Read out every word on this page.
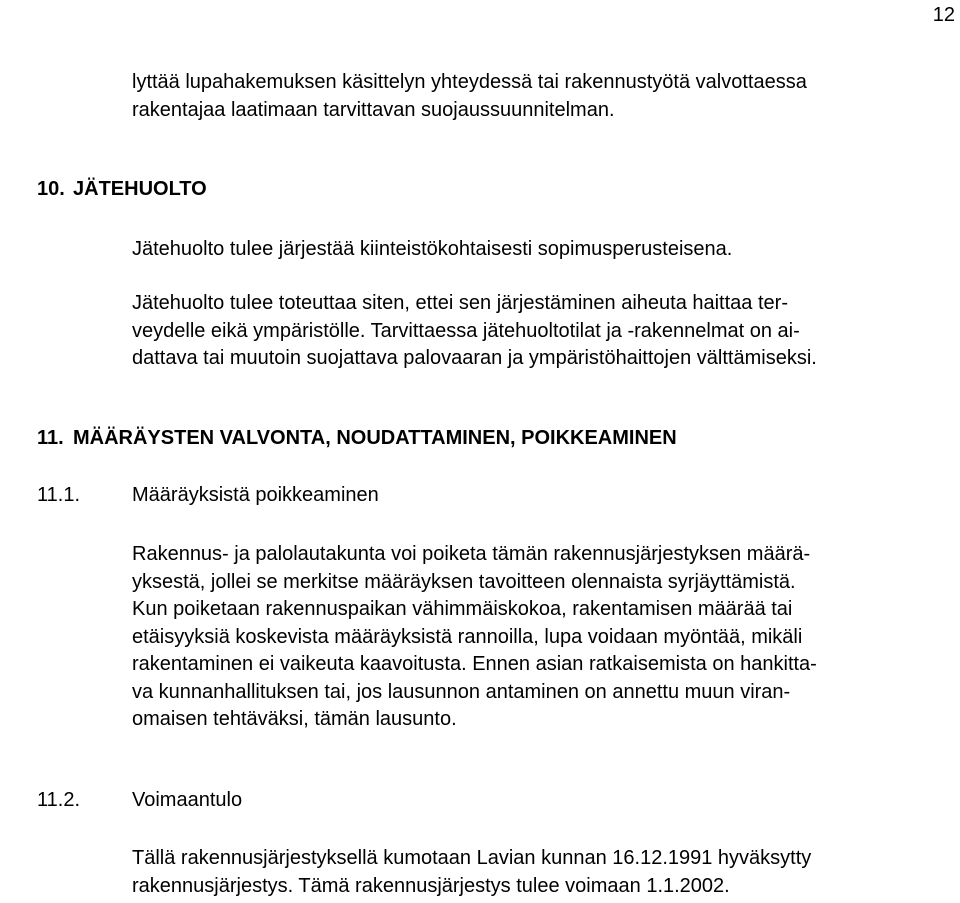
12
lyttää lupahakemuksen käsittelyn yhteydessä tai rakennustyötä valvottaessa
rakentajaa laatimaan tarvittavan suojaussuunnitelman.
10. JÄTEHUOLTO
Jätehuolto tulee järjestää kiinteistökohtaisesti sopimusperusteisena.
Jätehuolto tulee toteuttaa siten, ettei sen järjestäminen aiheuta haittaa ter-
veydelle eikä ympäristölle. Tarvittaessa jätehuoltotilat ja -rakennelmat on ai-
dattava tai muutoin suojattava palovaaran ja ympäristöhaittojen välttämiseksi.
11. MÄÄRÄYSTEN VALVONTA, NOUDATTAMINEN, POIKKEAMINEN
11.1.	Määräyksistä poikkeaminen
Rakennus- ja palolautakunta voi poiketa tämän rakennusjärjestyksen määrä-
yksestä, jollei se merkitse määräyksen tavoitteen olennaista syrjäyttämistä.
Kun poiketaan rakennuspaikan vähimmäiskokoa, rakentamisen määrää tai
etäisyyksiä koskevista määräyksistä rannoilla, lupa voidaan myöntää, mikäli
rakentaminen ei vaikeuta kaavoitusta. Ennen asian ratkaisemista on hankitta-
va kunnanhallituksen tai, jos lausunnon antaminen on annettu muun viran-
omaisen tehtäväksi, tämän lausunto.
11.2.	Voimaantulo
Tällä rakennusjärjestyksellä kumotaan Lavian kunnan 16.12.1991 hyväksytty
rakennusjärjestys. Tämä rakennusjärjestys tulee voimaan 1.1.2002.
